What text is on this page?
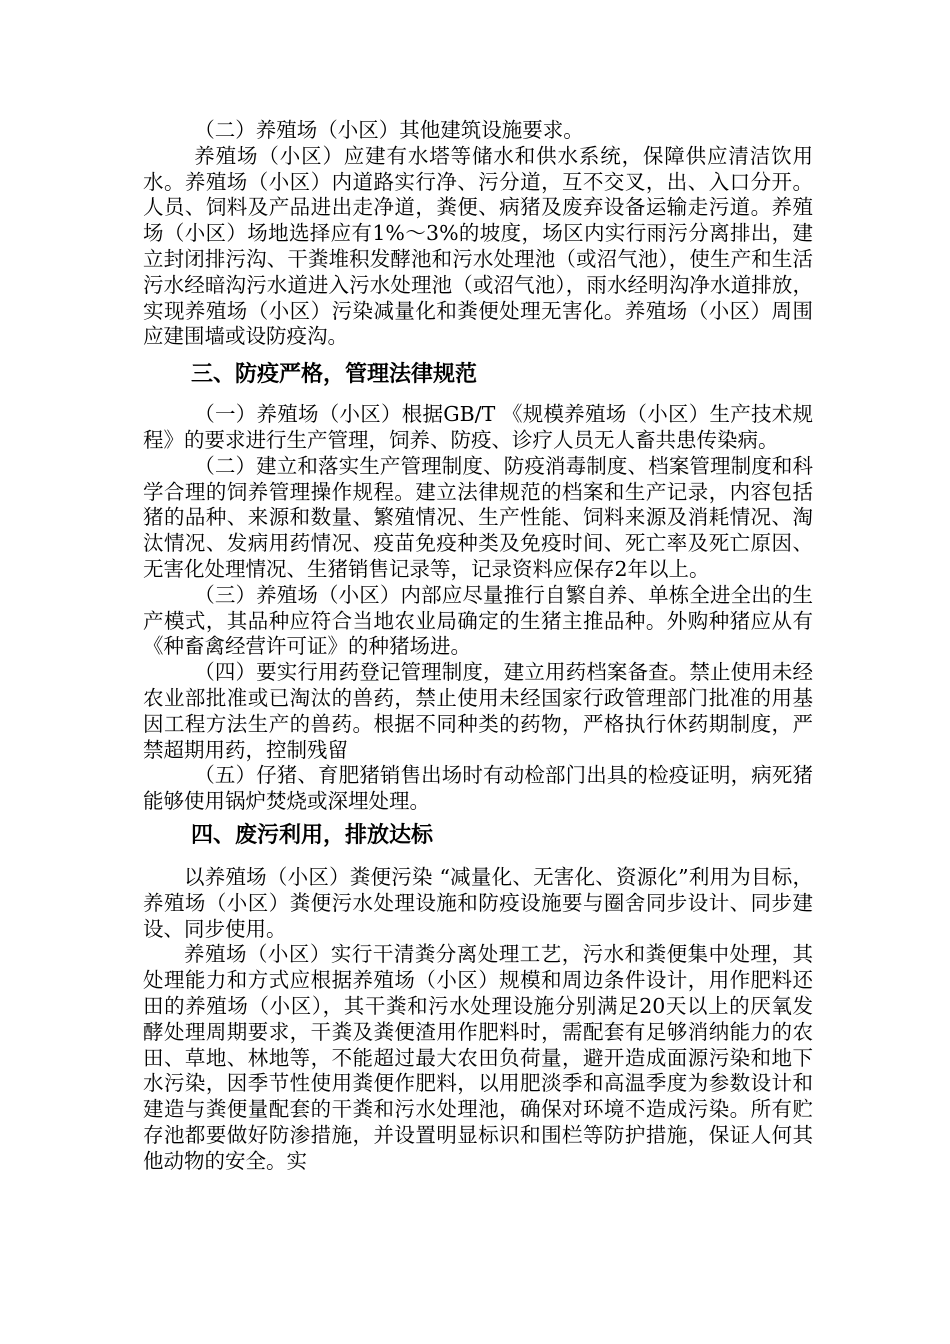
（二）养殖场（小区）其他建筑设施要求。

养殖场（小区）应建有水塔等储水和供水系统，保障供应清洁饮用水。养殖场（小区）内道路实行净、污分道，互不交叉，出、入口分开。人员、饲料及产品进出走净道，粪便、病猪及废弃设备运输走污道。养殖场（小区）场地选择应有1%～3%的坡度，场区内实行雨污分离排出，建立封闭排污沟、干粪堆积发酵池和污水处理池（或沼气池），使生产和生活污水经暗沟污水道进入污水处理池（或沼气池），雨水经明沟净水道排放，实现养殖场（小区）污染减量化和粪便处理无害化。养殖场（小区）周围应建围墙或设防疫沟。

三、防疫严格，管理法律规范

（一）养殖场（小区）根据GB/T 《规模养殖场（小区）生产技术规程》的要求进行生产管理，饲养、防疫、诊疗人员无人畜共患传染病。

（二）建立和落实生产管理制度、防疫消毒制度、档案管理制度和科学合理的饲养管理操作规程。建立法律规范的档案和生产记录，内容包括猪的品种、来源和数量、繁殖情况、生产性能、饲料来源及消耗情况、淘汰情况、发病用药情况、疫苗免疫种类及免疫时间、死亡率及死亡原因、无害化处理情况、生猪销售记录等，记录资料应保存2年以上。

（三）养殖场（小区）内部应尽量推行自繁自养、单栋全进全出的生产模式，其品种应符合当地农业局确定的生猪主推品种。外购种猪应从有《种畜禽经营许可证》的种猪场进。

（四）要实行用药登记管理制度，建立用药档案备查。禁止使用未经农业部批准或已淘汰的兽药，禁止使用未经国家行政管理部门批准的用基因工程方法生产的兽药。根据不同种类的药物，严格执行休药期制度，严禁超期用药，控制残留

（五）仔猪、育肥猪销售出场时有动检部门出具的检疫证明，病死猪能够使用锅炉焚烧或深埋处理。

四、废污利用，排放达标

以养殖场（小区）粪便污染 “减量化、无害化、资源化”利用为目标，养殖场（小区）粪便污水处理设施和防疫设施要与圈舍同步设计、同步建设、同步使用。

养殖场（小区）实行干清粪分离处理工艺，污水和粪便集中处理，其处理能力和方式应根据养殖场（小区）规模和周边条件设计，用作肥料还田的养殖场（小区），其干粪和污水处理设施分别满足20天以上的厌氧发酵处理周期要求，干粪及粪便渣用作肥料时，需配套有足够消纳能力的农田、草地、林地等，不能超过最大农田负荷量，避开造成面源污染和地下水污染，因季节性使用粪便作肥料，以用肥淡季和高温季度为参数设计和建造与粪便量配套的干粪和污水处理池，确保对环境不造成污染。所有贮存池都要做好防渗措施，并设置明显标识和围栏等防护措施，保证人何其他动物的安全。实
